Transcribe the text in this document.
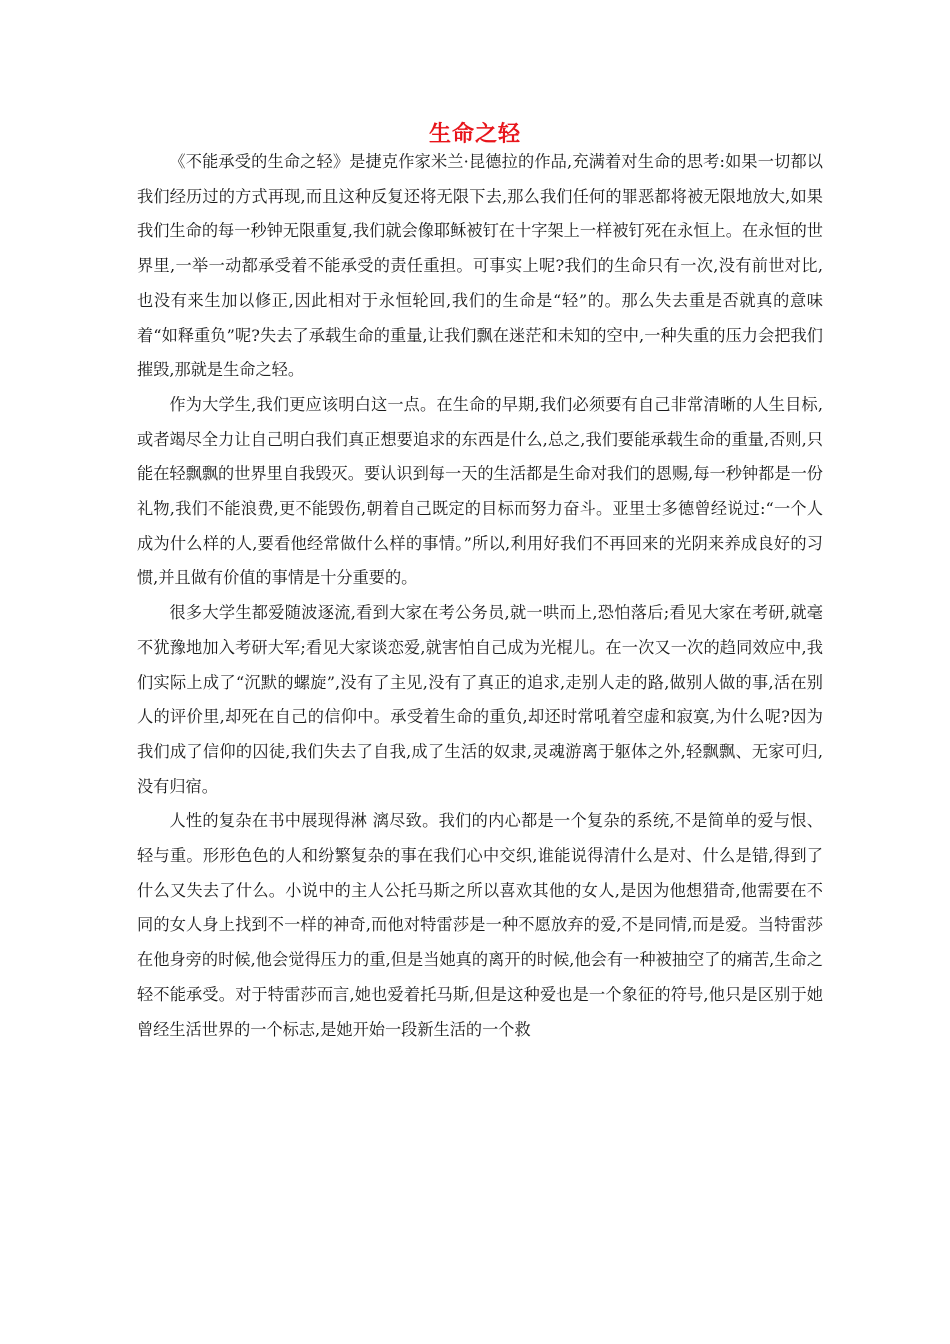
生命之轻

《不能承受的生命之轻》是捷克作家米兰·昆德拉的作品,充满着对生命的思考:如果一切都以我们经历过的方式再现,而且这种反复还将无限下去,那么我们任何的罪恶都将被无限地放大,如果我们生命的每一秒钟无限重复,我们就会像耶稣被钉在十字架上一样被钉死在永恒上。在永恒的世界里,一举一动都承受着不能承受的责任重担。可事实上呢?我们的生命只有一次,没有前世对比,也没有来生加以修正,因此相对于永恒轮回,我们的生命是“轻”的。那么失去重是否就真的意味着“如释重负”呢?失去了承载生命的重量,让我们飘在迷茫和未知的空中,一种失重的压力会把我们摧毁,那就是生命之轻。

作为大学生,我们更应该明白这一点。在生命的早期,我们必须要有自己非常清晰的人生目标,或者竭尽全力让自己明白我们真正想要追求的东西是什么,总之,我们要能承载生命的重量,否则,只能在轻飘飘的世界里自我毁灭。要认识到每一天的生活都是生命对我们的恩赐,每一秒钟都是一份礼物,我们不能浪费,更不能毁伤,朝着自己既定的目标而努力奋斗。亚里士多德曾经说过:“一个人成为什么样的人,要看他经常做什么样的事情。”所以,利用好我们不再回来的光阴来养成良好的习惯,并且做有价值的事情是十分重要的。

很多大学生都爱随波逐流,看到大家在考公务员,就一哄而上,恐怕落后;看见大家在考研,就毫不犹豫地加入考研大军;看见大家谈恋爱,就害怕自己成为光棍儿。在一次又一次的趋同效应中,我们实际上成了“沉默的螺旋”,没有了主见,没有了真正的追求,走别人走的路,做别人做的事,活在别人的评价里,却死在自己的信仰中。承受着生命的重负,却还时常吼着空虚和寂寞,为什么呢?因为我们成了信仰的囚徒,我们失去了自我,成了生活的奴隶,灵魂游离于躯体之外,轻飘飘、无家可归,没有归宿。

人性的复杂在书中展现得淋 漓尽致。我们的内心都是一个复杂的系统,不是简单的爱与恨、轻与重。形形色色的人和纷繁复杂的事在我们心中交织,谁能说得清什么是对、什么是错,得到了什么又失去了什么。小说中的主人公托马斯之所以喜欢其他的女人,是因为他想猎奇,他需要在不同的女人身上找到不一样的神奇,而他对特雷莎是一种不愿放弃的爱,不是同情,而是爱。当特雷莎在他身旁的时候,他会觉得压力的重,但是当她真的离开的时候,他会有一种被抽空了的痛苦,生命之轻不能承受。对于特雷莎而言,她也爱着托马斯,但是这种爱也是一个象征的符号,他只是区别于她曾经生活世界的一个标志,是她开始一段新生活的一个救
